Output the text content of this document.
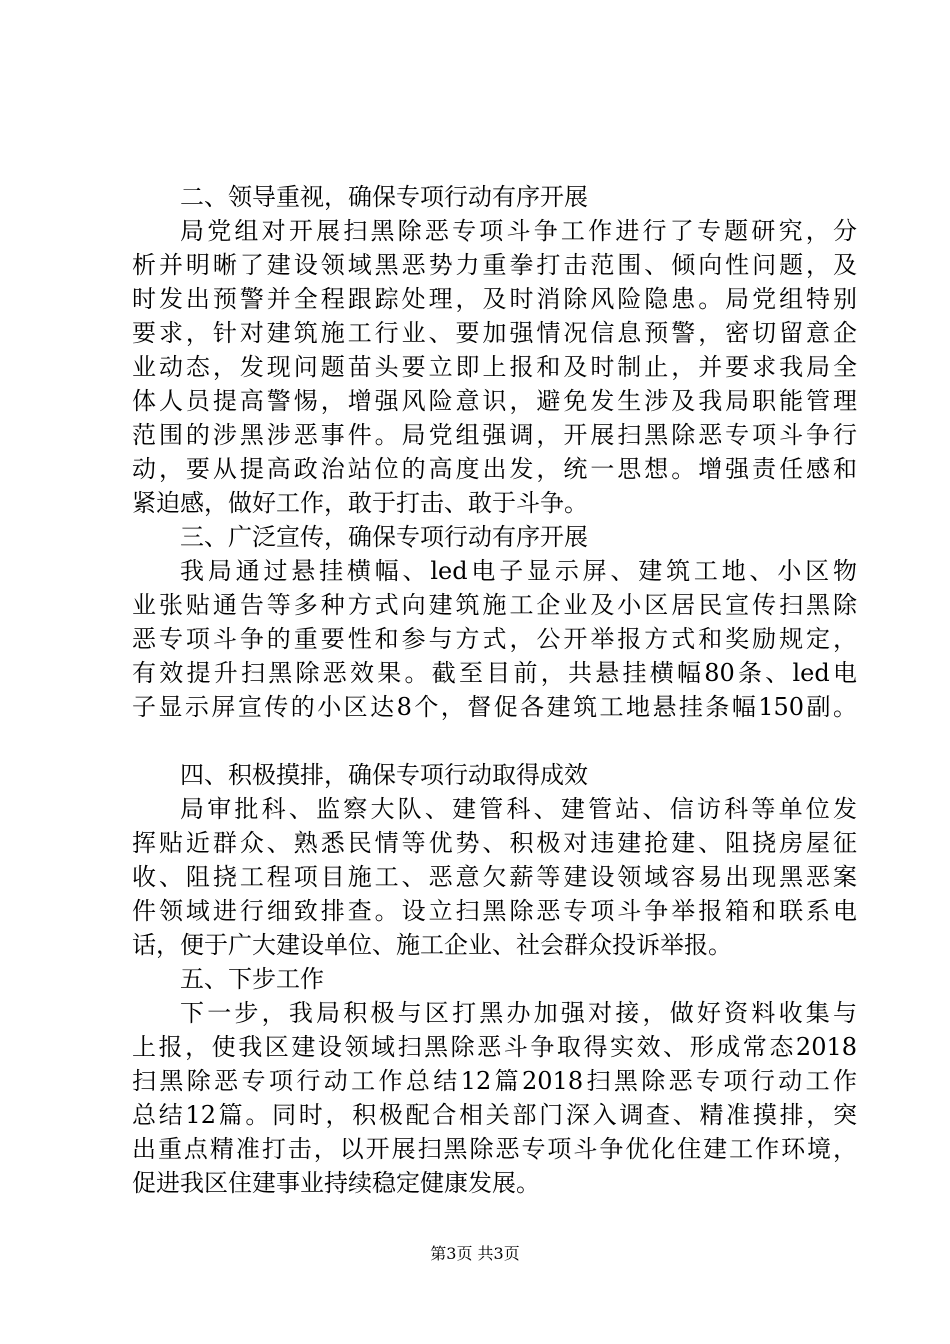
二、领导重视，确保专项行动有序开展
局党组对开展扫黑除恶专项斗争工作进行了专题研究，分
析并明晰了建设领域黑恶势力重拳打击范围、倾向性问题，及
时发出预警并全程跟踪处理，及时消除风险隐患。局党组特别
要求，针对建筑施工行业、要加强情况信息预警，密切留意企
业动态，发现问题苗头要立即上报和及时制止，并要求我局全
体人员提高警惕，增强风险意识，避免发生涉及我局职能管理
范围的涉黑涉恶事件。局党组强调，开展扫黑除恶专项斗争行
动，要从提高政治站位的高度出发，统一思想。增强责任感和
紧迫感，做好工作，敢于打击、敢于斗争。
三、广泛宣传，确保专项行动有序开展
我局通过悬挂横幅、led电子显示屏、建筑工地、小区物
业张贴通告等多种方式向建筑施工企业及小区居民宣传扫黑除
恶专项斗争的重要性和参与方式，公开举报方式和奖励规定，
有效提升扫黑除恶效果。截至目前，共悬挂横幅80条、led电
子显示屏宣传的小区达8个，督促各建筑工地悬挂条幅150副。
四、积极摸排，确保专项行动取得成效
局审批科、监察大队、建管科、建管站、信访科等单位发
挥贴近群众、熟悉民情等优势、积极对违建抢建、阻挠房屋征
收、阻挠工程项目施工、恶意欠薪等建设领域容易出现黑恶案
件领域进行细致排查。设立扫黑除恶专项斗争举报箱和联系电
话，便于广大建设单位、施工企业、社会群众投诉举报。
五、下步工作
下一步，我局积极与区打黑办加强对接，做好资料收集与
上报，使我区建设领域扫黑除恶斗争取得实效、形成常态2018
扫黑除恶专项行动工作总结12篇2018扫黑除恶专项行动工作
总结12篇。同时，积极配合相关部门深入调查、精准摸排，突
出重点精准打击，以开展扫黑除恶专项斗争优化住建工作环境，
促进我区住建事业持续稳定健康发展。
第3页 共3页
